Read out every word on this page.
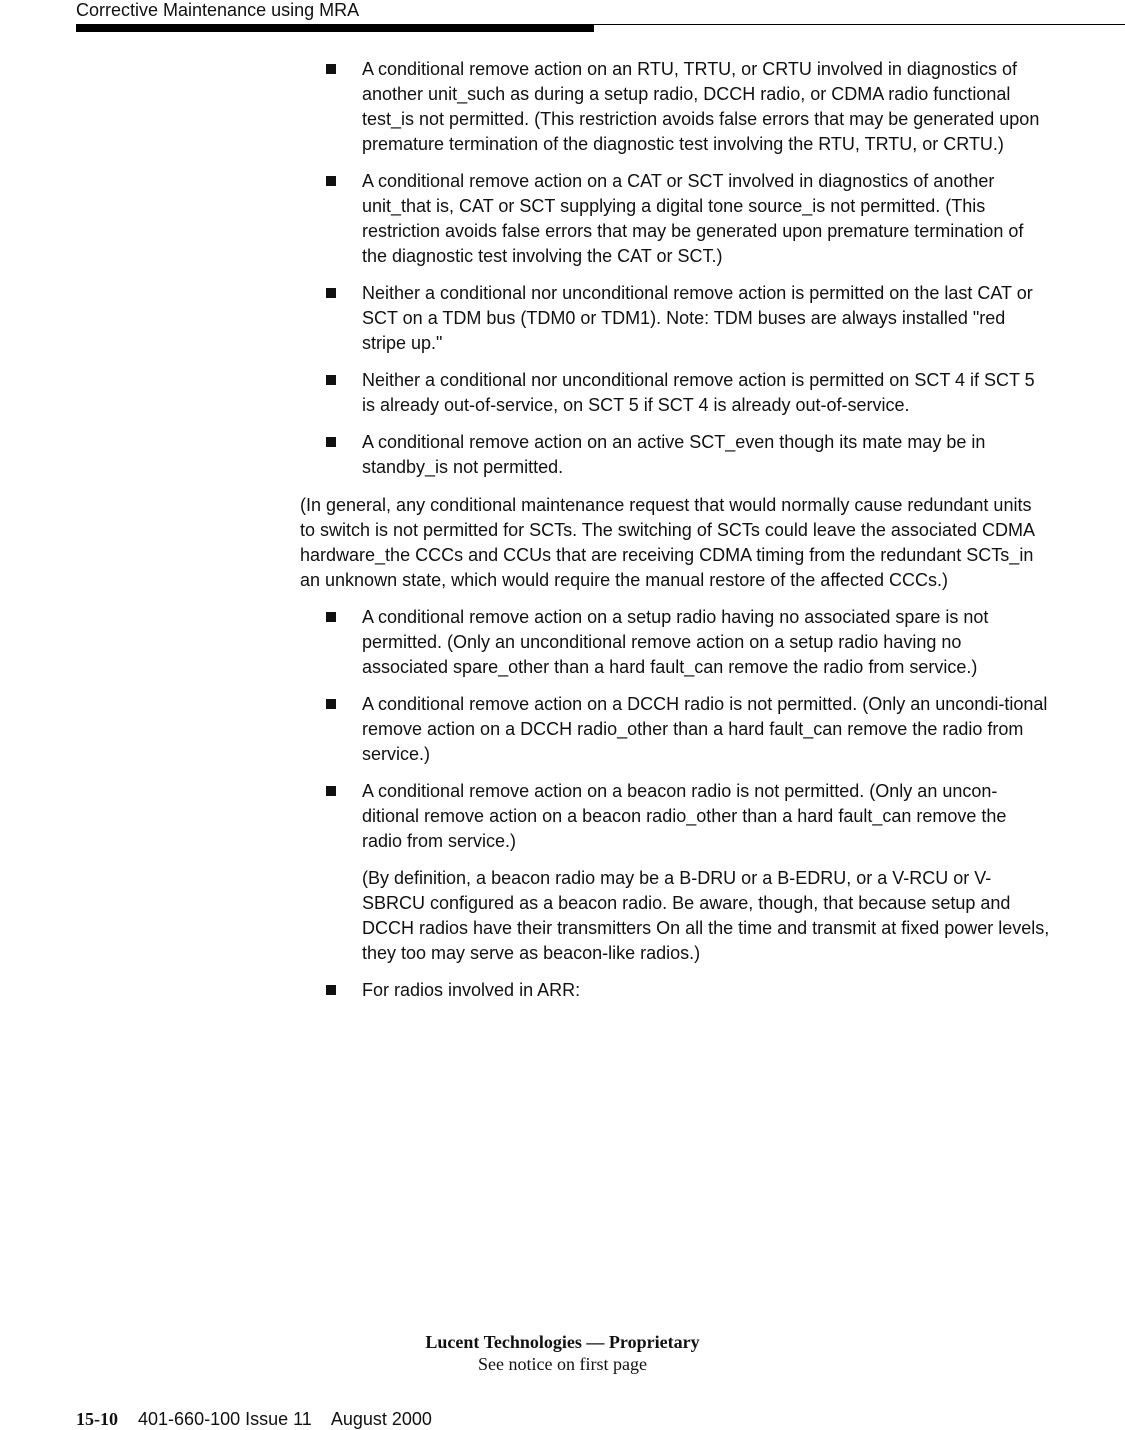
Corrective Maintenance using MRA
A conditional remove action on an RTU, TRTU, or CRTU involved in diagnostics of another unit_such as during a setup radio, DCCH radio, or CDMA radio functional test_is not permitted. (This restriction avoids false errors that may be generated upon premature termination of the diagnostic test involving the RTU, TRTU, or CRTU.)
A conditional remove action on a CAT or SCT involved in diagnostics of another unit_that is, CAT or SCT supplying a digital tone source_is not permitted. (This restriction avoids false errors that may be generated upon premature termination of the diagnostic test involving the CAT or SCT.)
Neither a conditional nor unconditional remove action is permitted on the last CAT or SCT on a TDM bus (TDM0 or TDM1). Note: TDM buses are always installed "red stripe up."
Neither a conditional nor unconditional remove action is permitted on SCT 4 if SCT 5 is already out-of-service, on SCT 5 if SCT 4 is already out-of-service.
A conditional remove action on an active SCT_even though its mate may be in standby_is not permitted.

(In general, any conditional maintenance request that would normally cause redundant units to switch is not permitted for SCTs. The switching of SCTs could leave the associated CDMA hardware_the CCCs and CCUs that are receiving CDMA timing from the redundant SCTs_in an unknown state, which would require the manual restore of the affected CCCs.)

A conditional remove action on a setup radio having no associated spare is not permitted. (Only an unconditional remove action on a setup radio having no associated spare_other than a hard fault_can remove the radio from service.)
A conditional remove action on a DCCH radio is not permitted. (Only an uncondi-tional remove action on a DCCH radio_other than a hard fault_can remove the radio from service.)
A conditional remove action on a beacon radio is not permitted. (Only an uncon-ditional remove action on a beacon radio_other than a hard fault_can remove the radio from service.)

(By definition, a beacon radio may be a B-DRU or a B-EDRU, or a V-RCU or V-SBRCU configured as a beacon radio. Be aware, though, that because setup and DCCH radios have their transmitters On all the time and transmit at fixed power levels, they too may serve as beacon-like radios.)

For radios involved in ARR:
Lucent Technologies — Proprietary
See notice on first page
15-10 401-660-100 Issue 11 August 2000
